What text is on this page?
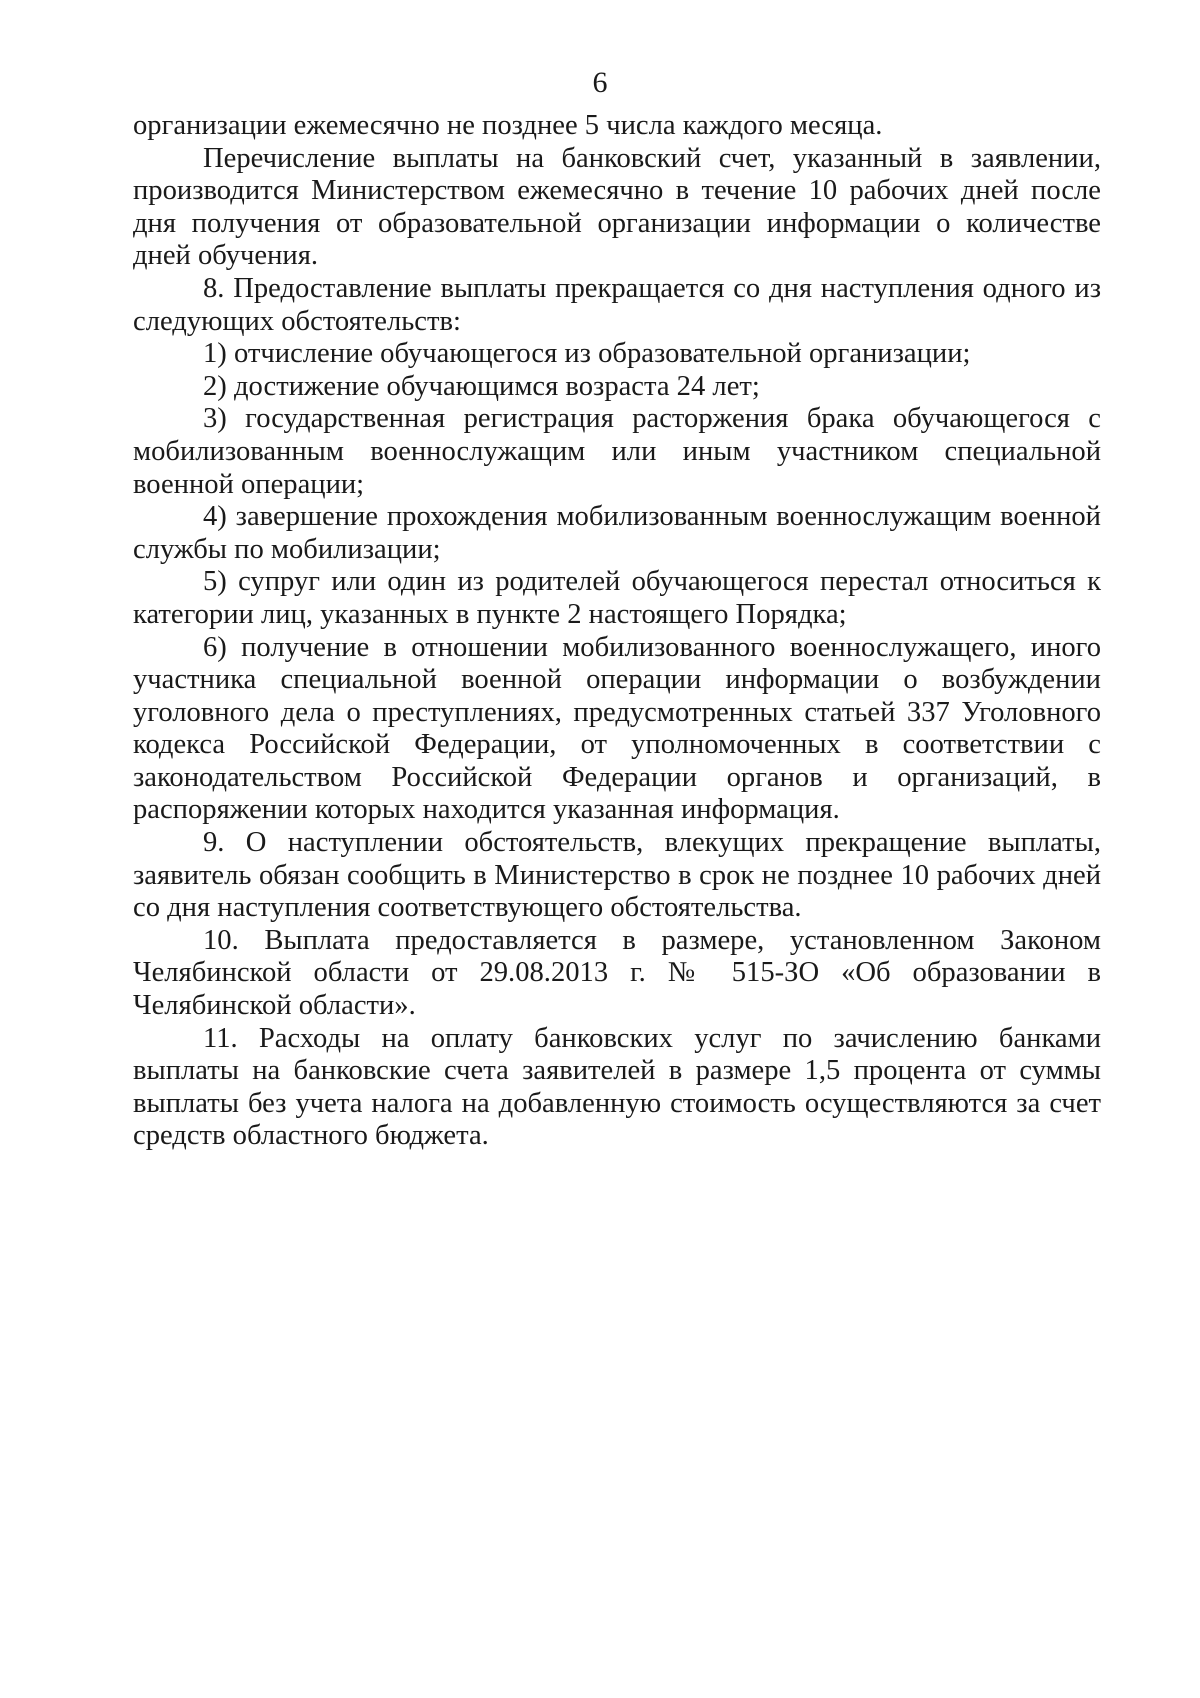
6

организации ежемесячно не позднее 5 числа каждого месяца.

Перечисление выплаты на банковский счет, указанный в заявлении, производится Министерством ежемесячно в течение 10 рабочих дней после дня получения от образовательной организации информации о количестве дней обучения.

8. Предоставление выплаты прекращается со дня наступления одного из следующих обстоятельств:

1) отчисление обучающегося из образовательной организации;

2) достижение обучающимся возраста 24 лет;

3) государственная регистрация расторжения брака обучающегося с мобилизованным военнослужащим или иным участником специальной военной операции;

4) завершение прохождения мобилизованным военнослужащим военной службы по мобилизации;

5) супруг или один из родителей обучающегося перестал относиться к категории лиц, указанных в пункте 2 настоящего Порядка;

6) получение в отношении мобилизованного военнослужащего, иного участника специальной военной операции информации о возбуждении уголовного дела о преступлениях, предусмотренных статьей 337 Уголовного кодекса Российской Федерации, от уполномоченных в соответствии с законодательством Российской Федерации органов и организаций, в распоряжении которых находится указанная информация.

9. О наступлении обстоятельств, влекущих прекращение выплаты, заявитель обязан сообщить в Министерство в срок не позднее 10 рабочих дней со дня наступления соответствующего обстоятельства.

10. Выплата предоставляется в размере, установленном Законом Челябинской области от 29.08.2013 г. № 515-ЗО «Об образовании в Челябинской области».

11. Расходы на оплату банковских услуг по зачислению банками выплаты на банковские счета заявителей в размере 1,5 процента от суммы выплаты без учета налога на добавленную стоимость осуществляются за счет средств областного бюджета.
